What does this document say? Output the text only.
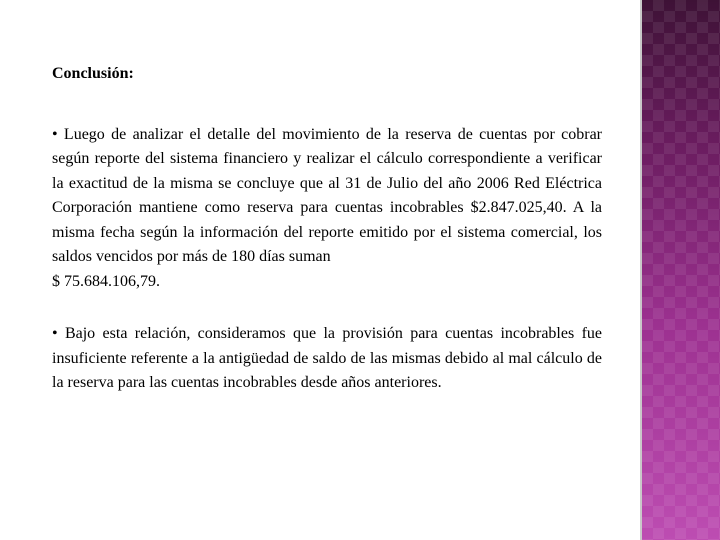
Conclusión:

• Luego de analizar el detalle del movimiento de la reserva de cuentas por cobrar según reporte del sistema financiero y realizar el cálculo correspondiente a verificar la exactitud de la misma se concluye que al 31 de Julio del año 2006 Red Eléctrica Corporación mantiene como reserva para cuentas incobrables $2.847.025,40. A la misma fecha según la información del reporte emitido por el sistema comercial, los saldos vencidos por más de 180 días suman
$ 75.684.106,79.

• Bajo esta relación, consideramos que la provisión para cuentas incobrables fue insuficiente referente a la antigüedad de saldo de las mismas debido al mal cálculo de la reserva para las cuentas incobrables desde años anteriores.
